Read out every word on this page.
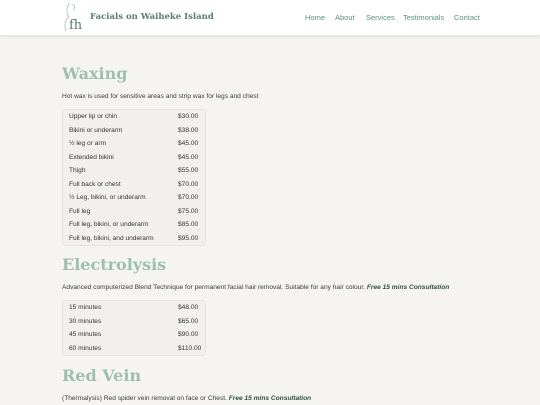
fh
Facials on Waiheke Island	Home About Services Testimonials Contact
Waxing
Hot wax is used for sensitive areas and strip wax for legs and chest
Upper lip or chin	$30.00
Bikini or underarm	$38.00
½ leg or arm	$45.00
Extended bikini	$45.00
Thigh	$55.00
Full back or chest	$70.00
½ Leg, bikini, or underarm	$70.00
Full leg	$75.00
Full leg, bikini, or underarm	$85.00
Full leg, bikini, and underarm	$95.00
Electrolysis
Advanced computerized Blend Technique for permanent facial hair removal. Suitable for any hair colour. Free 15 mins Consultation
15 minutes	$48.00
30 minutes	$65.00
45 minutes	$90.00
60 minutes	$110.00
Red Vein
(Thermalysis) Red spider vein removal on face or Chest. Free 15 mins Consultation
